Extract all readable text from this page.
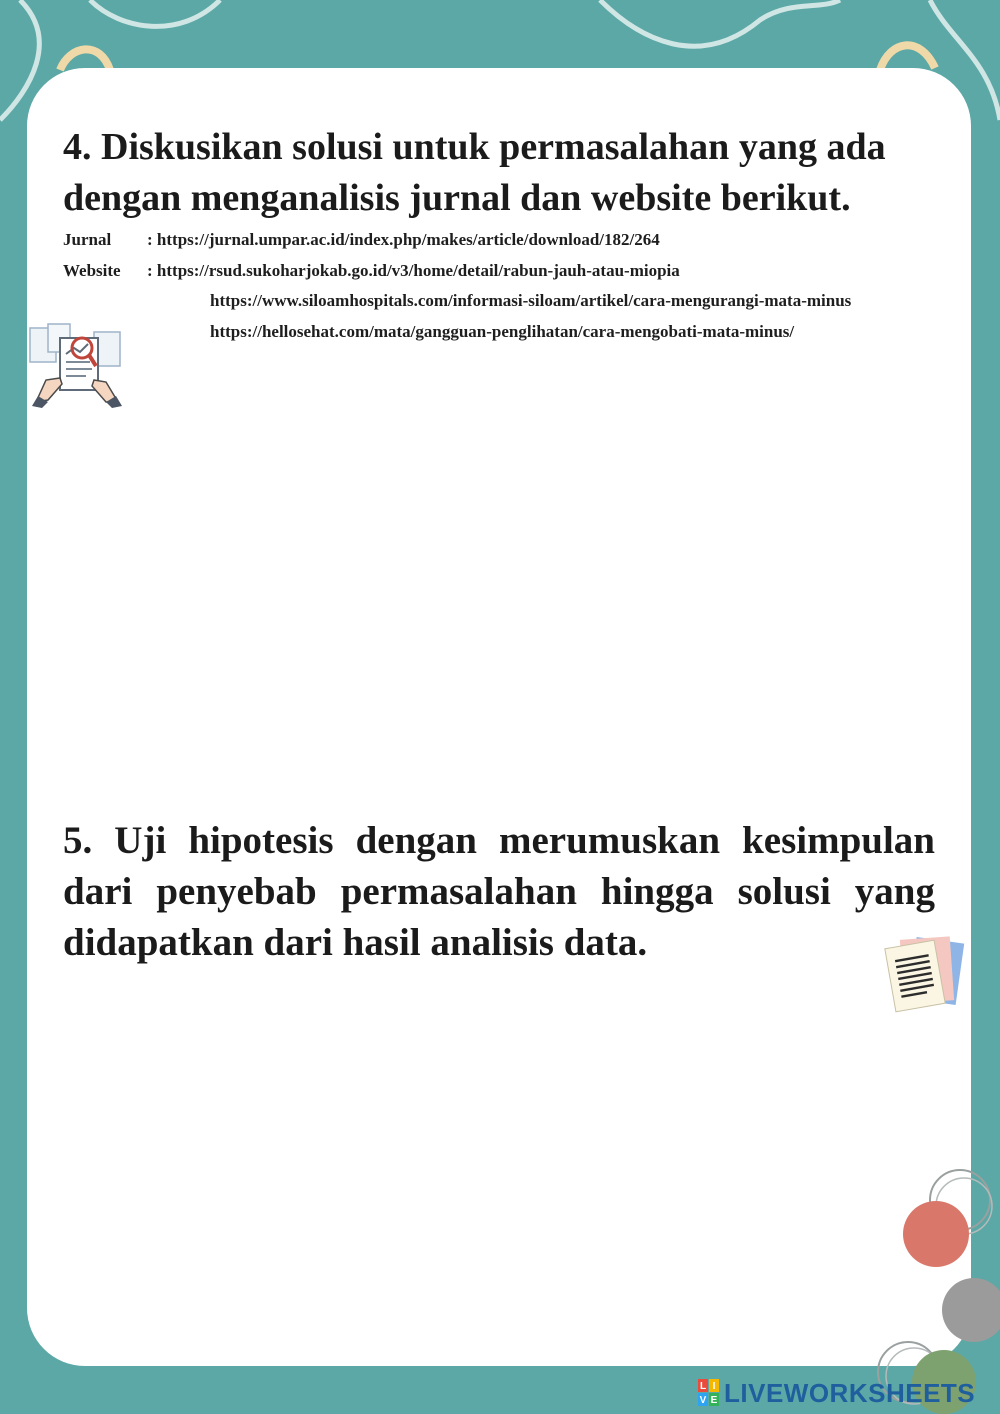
4. Diskusikan solusi untuk permasalahan yang ada dengan menganalisis jurnal dan website berikut.
Jurnal : https://jurnal.umpar.ac.id/index.php/makes/article/download/182/264
Website : https://rsud.sukoharjokab.go.id/v3/home/detail/rabun-jauh-atau-miopia
https://www.siloamhospitals.com/informasi-siloam/artikel/cara-mengurangi-mata-minus
https://hellosehat.com/mata/gangguan-penglihatan/cara-mengobati-mata-minus/
5. Uji hipotesis dengan merumuskan kesimpulan dari penyebab permasalahan hingga solusi yang didapatkan dari hasil analisis data.
L I
V E LIVEWORKSHEETS
